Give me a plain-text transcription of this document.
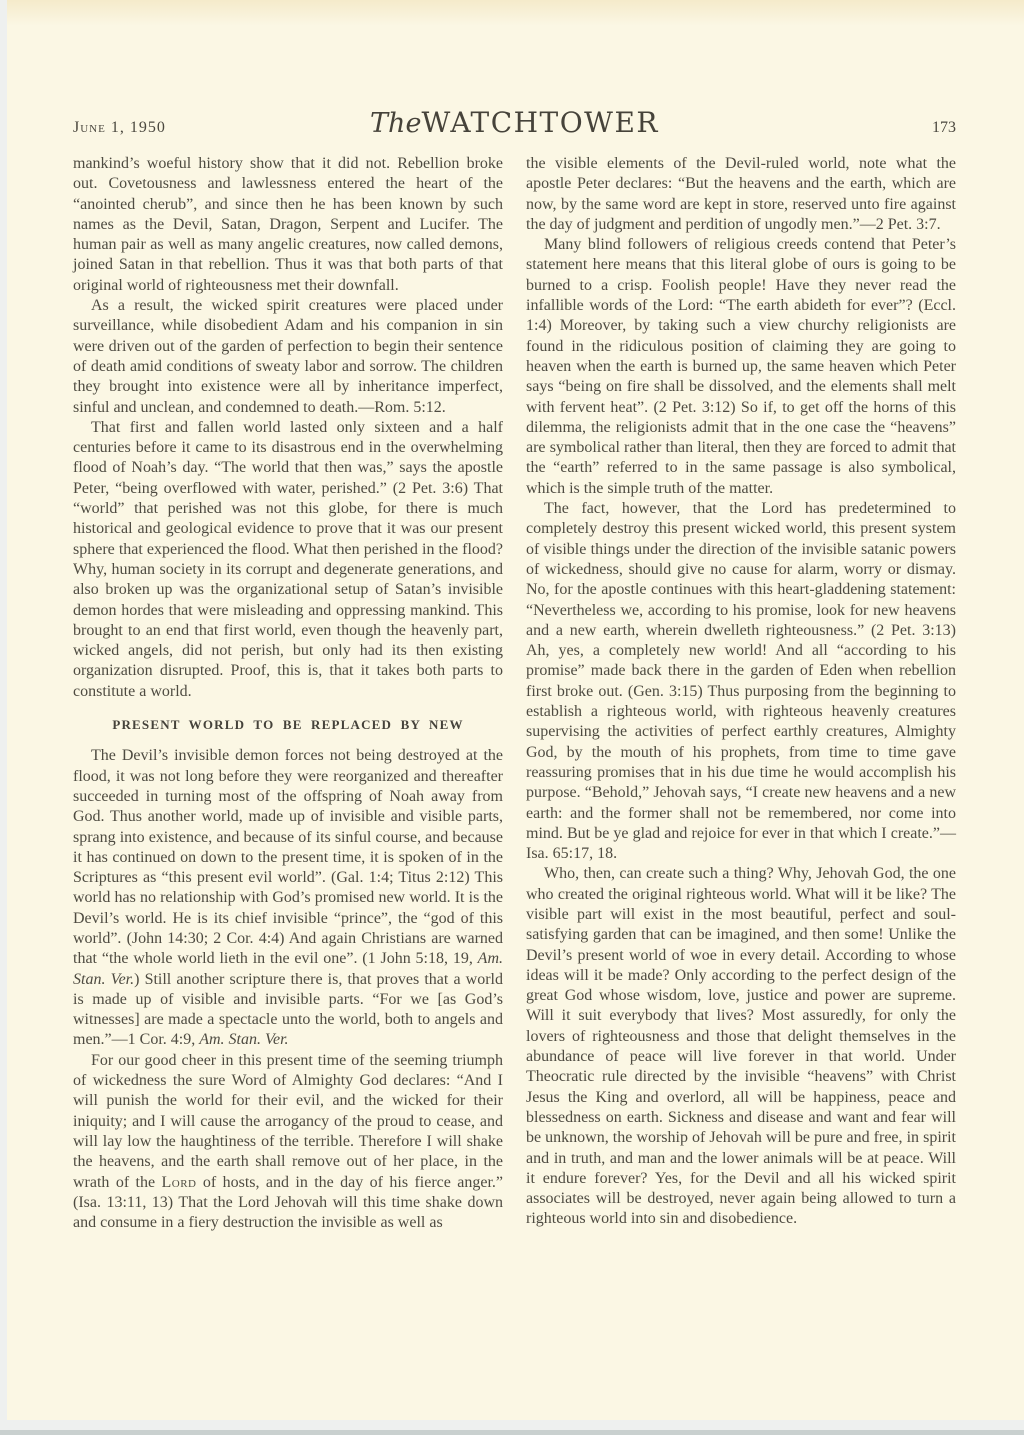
June 1, 1950	TheWATCHTOWER	173

mankind’s woeful history show that it did not. Rebellion broke out. Covetousness and lawlessness entered the heart of the “anointed cherub”, and since then he has been known by such names as the Devil, Satan, Dragon, Serpent and Lucifer. The human pair as well as many angelic creatures, now called demons, joined Satan in that rebellion. Thus it was that both parts of that original world of righteousness met their downfall.

As a result, the wicked spirit creatures were placed under surveillance, while disobedient Adam and his companion in sin were driven out of the garden of perfection to begin their sentence of death amid conditions of sweaty labor and sorrow. The children they brought into existence were all by inheritance imperfect, sinful and unclean, and condemned to death.—Rom. 5:12.

That first and fallen world lasted only sixteen and a half centuries before it came to its disastrous end in the overwhelming flood of Noah’s day. “The world that then was,” says the apostle Peter, “being overflowed with water, perished.” (2 Pet. 3:6) That “world” that perished was not this globe, for there is much historical and geological evidence to prove that it was our present sphere that experienced the flood. What then perished in the flood? Why, human society in its corrupt and degenerate generations, and also broken up was the organizational setup of Satan’s invisible demon hordes that were misleading and oppressing mankind. This brought to an end that first world, even though the heavenly part, wicked angels, did not perish, but only had its then existing organization disrupted. Proof, this is, that it takes both parts to constitute a world.

PRESENT WORLD TO BE REPLACED BY NEW

The Devil’s invisible demon forces not being destroyed at the flood, it was not long before they were reorganized and thereafter succeeded in turning most of the offspring of Noah away from God. Thus another world, made up of invisible and visible parts, sprang into existence, and because of its sinful course, and because it has continued on down to the present time, it is spoken of in the Scriptures as “this present evil world”. (Gal. 1:4; Titus 2:12) This world has no relationship with God’s promised new world. It is the Devil’s world. He is its chief invisible “prince”, the “god of this world”. (John 14:30; 2 Cor. 4:4) And again Christians are warned that “the whole world lieth in the evil one”. (1 John 5:18, 19, Am. Stan. Ver.) Still another scripture there is, that proves that a world is made up of visible and invisible parts. “For we [as God’s witnesses] are made a spectacle unto the world, both to angels and men.”—1 Cor. 4:9, Am. Stan. Ver.

For our good cheer in this present time of the seeming triumph of wickedness the sure Word of Almighty God declares: “And I will punish the world for their evil, and the wicked for their iniquity; and I will cause the arrogancy of the proud to cease, and will lay low the haughtiness of the terrible. Therefore I will shake the heavens, and the earth shall remove out of her place, in the wrath of the Lord of hosts, and in the day of his fierce anger.” (Isa. 13:11, 13) That the Lord Jehovah will this time shake down and consume in a fiery destruction the invisible as well as

the visible elements of the Devil-ruled world, note what the apostle Peter declares: “But the heavens and the earth, which are now, by the same word are kept in store, reserved unto fire against the day of judgment and perdition of ungodly men.”—2 Pet. 3:7.

Many blind followers of religious creeds contend that Peter’s statement here means that this literal globe of ours is going to be burned to a crisp. Foolish people! Have they never read the infallible words of the Lord: “The earth abideth for ever”? (Eccl. 1:4) Moreover, by taking such a view churchy religionists are found in the ridiculous position of claiming they are going to heaven when the earth is burned up, the same heaven which Peter says “being on fire shall be dissolved, and the elements shall melt with fervent heat”. (2 Pet. 3:12) So if, to get off the horns of this dilemma, the religionists admit that in the one case the “heavens” are symbolical rather than literal, then they are forced to admit that the “earth” referred to in the same passage is also symbolical, which is the simple truth of the matter.

The fact, however, that the Lord has predetermined to completely destroy this present wicked world, this present system of visible things under the direction of the invisible satanic powers of wickedness, should give no cause for alarm, worry or dismay. No, for the apostle continues with this heart-gladdening statement: “Nevertheless we, according to his promise, look for new heavens and a new earth, wherein dwelleth righteousness.” (2 Pet. 3:13) Ah, yes, a completely new world! And all “according to his promise” made back there in the garden of Eden when rebellion first broke out. (Gen. 3:15) Thus purposing from the beginning to establish a righteous world, with righteous heavenly creatures supervising the activities of perfect earthly creatures, Almighty God, by the mouth of his prophets, from time to time gave reassuring promises that in his due time he would accomplish his purpose. “Behold,” Jehovah says, “I create new heavens and a new earth: and the former shall not be remembered, nor come into mind. But be ye glad and rejoice for ever in that which I create.”—Isa. 65:17, 18.

Who, then, can create such a thing? Why, Jehovah God, the one who created the original righteous world. What will it be like? The visible part will exist in the most beautiful, perfect and soul-satisfying garden that can be imagined, and then some! Unlike the Devil’s present world of woe in every detail. According to whose ideas will it be made? Only according to the perfect design of the great God whose wisdom, love, justice and power are supreme. Will it suit everybody that lives? Most assuredly, for only the lovers of righteousness and those that delight themselves in the abundance of peace will live forever in that world. Under Theocratic rule directed by the invisible “heavens” with Christ Jesus the King and overlord, all will be happiness, peace and blessedness on earth. Sickness and disease and want and fear will be unknown, the worship of Jehovah will be pure and free, in spirit and in truth, and man and the lower animals will be at peace. Will it endure forever? Yes, for the Devil and all his wicked spirit associates will be destroyed, never again being allowed to turn a righteous world into sin and disobedience.
